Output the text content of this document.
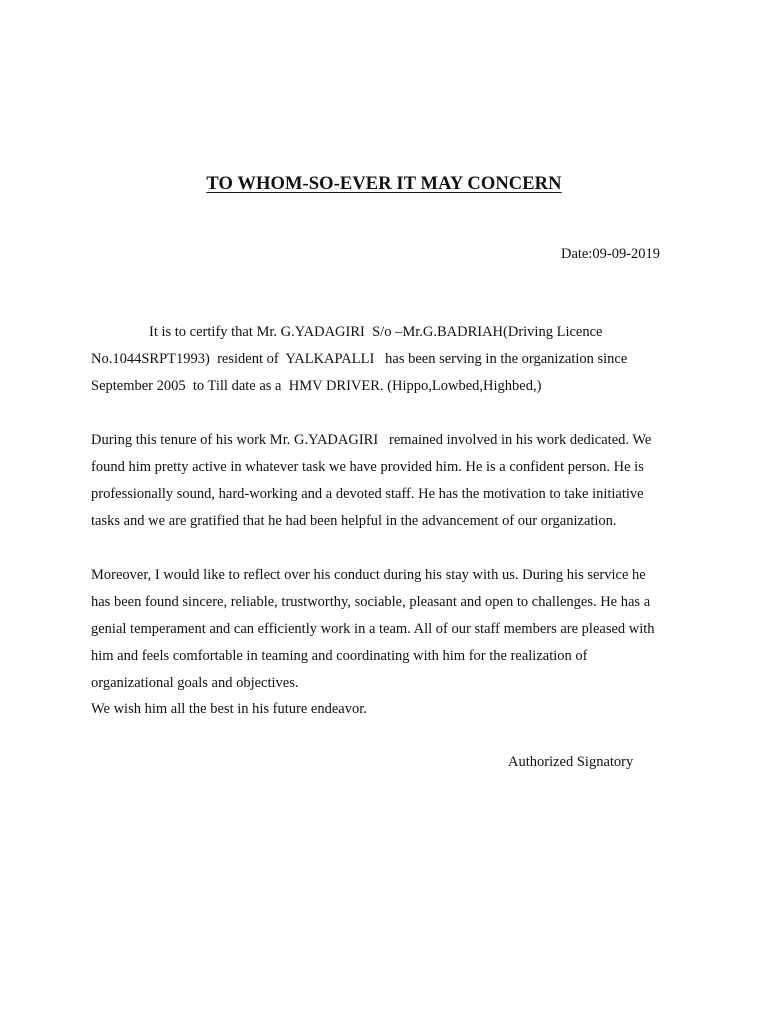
TO WHOM-SO-EVER IT MAY CONCERN
Date:09-09-2019
It is to certify that Mr. G.YADAGIRI  S/o –Mr.G.BADRIAH(Driving Licence
No.1044SRPT1993)  resident of  YALKAPALLI   has been serving in the organization since
September 2005  to Till date as a  HMV DRIVER. (Hippo,Lowbed,Highbed,)
During this tenure of his work Mr. G.YADAGIRI   remained involved in his work dedicated. We
found him pretty active in whatever task we have provided him. He is a confident person. He is
professionally sound, hard-working and a devoted staff. He has the motivation to take initiative
tasks and we are gratified that he had been helpful in the advancement of our organization.
Moreover, I would like to reflect over his conduct during his stay with us. During his service he
has been found sincere, reliable, trustworthy, sociable, pleasant and open to challenges. He has a
genial temperament and can efficiently work in a team. All of our staff members are pleased with
him and feels comfortable in teaming and coordinating with him for the realization of
organizational goals and objectives.
We wish him all the best in his future endeavor.
Authorized Signatory
